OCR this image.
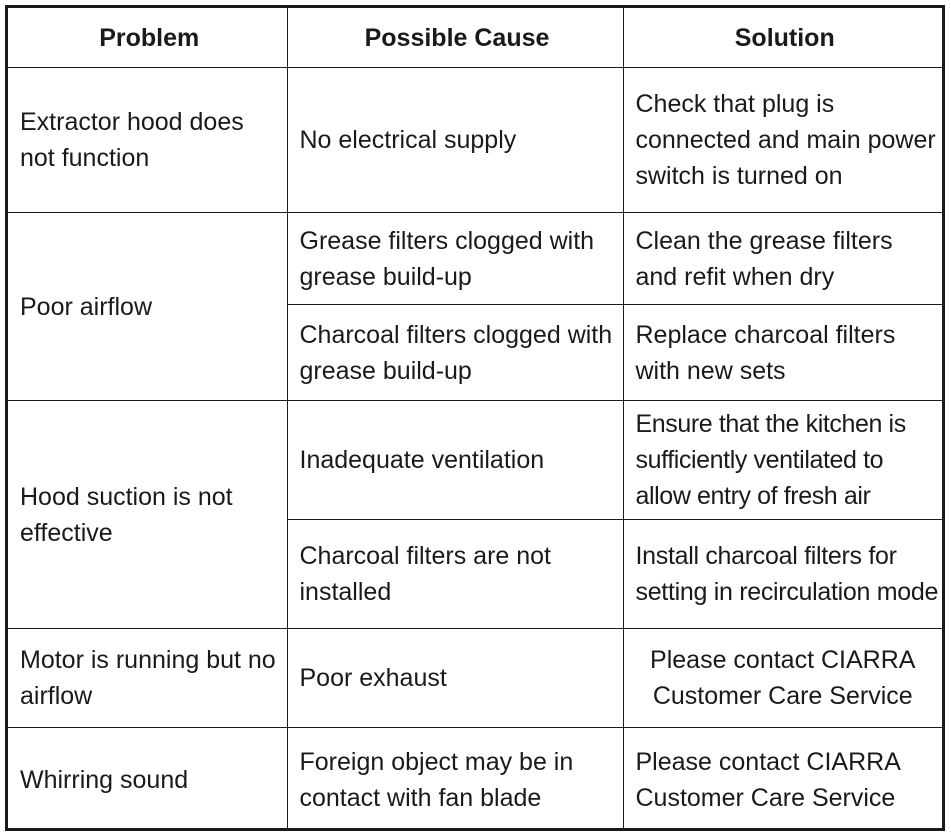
Problem	Possible Cause	Solution
Extractor hood does not function	No electrical supply	Check that plug is connected and main power switch is turned on
Poor airflow	Grease filters clogged with grease build-up	Clean the grease filters and refit when dry
	Charcoal filters clogged with grease build-up	Replace charcoal filters with new sets
Hood suction is not effective	Inadequate ventilation	Ensure that the kitchen is sufficiently ventilated to allow entry of fresh air
	Charcoal filters are not installed	Install charcoal filters for setting in recirculation mode
Motor is running but no airflow	Poor exhaust	Please contact CIARRA Customer Care Service
Whirring sound	Foreign object may be in contact with fan blade	Please contact CIARRA Customer Care Service
